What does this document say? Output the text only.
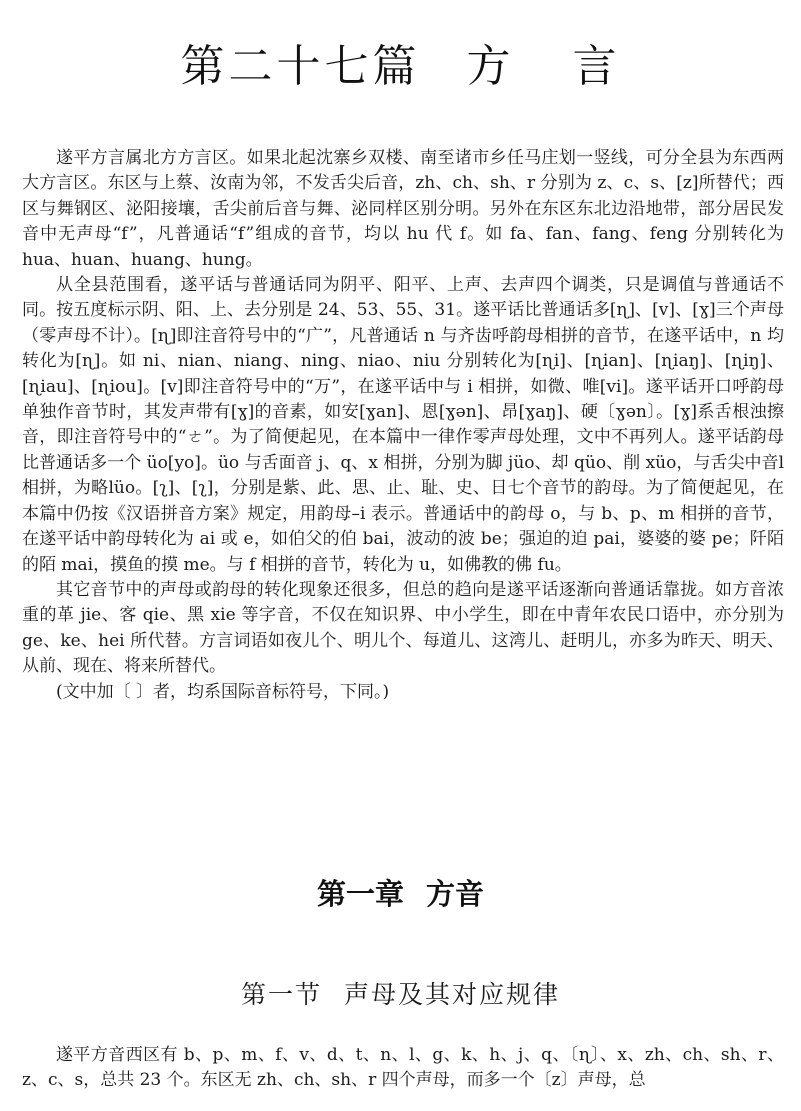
第二十七篇 方 言

遂平方言属北方方言区。如果北起沈寨乡双楼、南至诸市乡任马庄划一竖线，可分全县为东西两大方言区。东区与上蔡、汝南为邻，不发舌尖后音，zh、ch、sh、r 分别为 z、c、s、[z]所替代；西区与舞钢区、泌阳接壤，舌尖前后音与舞、泌同样区别分明。另外在东区东北边沿地带，部分居民发音中无声母“f”，凡普通话“f”组成的音节，均以 hu 代 f。如 fa、fan、fang、feng 分别转化为 hua、huan、huang、hung。

从全县范围看，遂平话与普通话同为阴平、阳平、上声、去声四个调类，只是调值与普通话不同。按五度标示阴、阳、上、去分别是 24、53、55、31。遂平话比普通话多[ɳ]、[v]、[ɣ]三个声母（零声母不计）。[ɳ]即注音符号中的“广”，凡普通话 n 与齐齿呼韵母相拼的音节，在遂平话中，n 均转化为[ɳ]。如 ni、nian、niang、ning、niao、niu 分别转化为[ɳi]、[ɳian]、[ɳiaŋ]、[ɳiŋ]、[ɳiau]、[ɳiou]。[v]即注音符号中的“万”，在遂平话中与 i 相拼，如微、唯[vi]。遂平话开口呼韵母单独作音节时，其发声带有[ɣ]的音素，如安[ɣan]、恩[ɣən]、昂[ɣaŋ]、硬〔ɣən〕。[ɣ]系舌根浊擦音，即注音符号中的“ㄜ”。为了简便起见，在本篇中一律作零声母处理，文中不再列人。遂平话韵母比普通话多一个 üo[yo]。üo 与舌面音 j、q、x 相拼，分别为脚 jüo、却 qüo、削 xüo，与舌尖中音l相拼，为略lüo。[ʅ]、[ʅ]，分别是紫、此、思、止、耻、史、日七个音节的韵母。为了简便起见，在本篇中仍按《汉语拼音方案》规定，用韵母–i 表示。普通话中的韵母 o，与 b、p、m 相拼的音节，在遂平话中韵母转化为 ai 或 e，如伯父的伯 bai，波动的波 be；强迫的迫 pai，婆婆的婆 pe；阡陌的陌 mai，摸鱼的摸 me。与 f 相拼的音节，转化为 u，如佛教的佛 fu。

其它音节中的声母或韵母的转化现象还很多，但总的趋向是遂平话逐渐向普通话靠拢。如方音浓重的革 jie、客 qie、黑 xie 等字音，不仅在知识界、中小学生，即在中青年农民口语中，亦分别为 ge、ke、hei 所代替。方言词语如夜儿个、明儿个、每道儿、这湾儿、赶明儿，亦多为昨天、明天、从前、现在、将来所替代。

(文中加〔 〕者，均系国际音标符号，下同。)

第一章 方音
第一节 声母及其对应规律

遂平方音西区有 b、p、m、f、v、d、t、n、l、g、k、h、j、q、〔ɳ〕、x、zh、ch、sh、r、z、c、s，总共 23 个。东区无 zh、ch、sh、r 四个声母，而多一个〔z〕声母，总
